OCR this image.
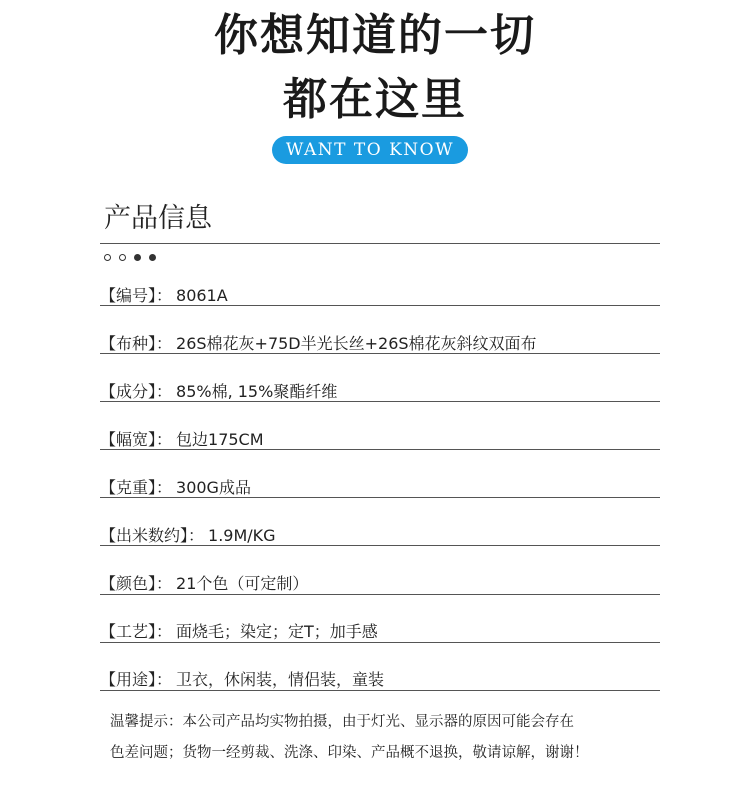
你想知道的一切
都在这里
WANT TO KNOW
产品信息
【编号】： 8061A
【布种】： 26S棉花灰+75D半光长丝+26S棉花灰斜纹双面布
【成分】： 85%棉, 15%聚酯纤维
【幅宽】： 包边175CM
【克重】： 300G成品
【出米数约】： 1.9M/KG
【颜色】： 21个色（可定制）
【工艺】： 面烧毛；染定；定T；加手感
【用途】： 卫衣，休闲装，情侣装，童装
温馨提示：本公司产品均实物拍摄，由于灯光、显示器的原因可能会存在
色差问题；货物一经剪裁、洗涤、印染、产品概不退换，敬请谅解，谢谢！
